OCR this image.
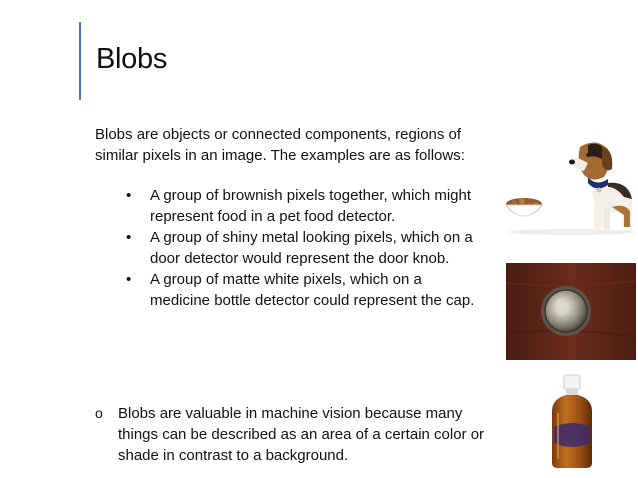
Blobs

Blobs are objects or connected components, regions of similar pixels in an image. The examples are as follows:

• A group of brownish pixels together, which might represent food in a pet food detector.
• A group of shiny metal looking pixels, which on a door detector would represent the door knob.
• A group of matte white pixels, which on a medicine bottle detector could represent the cap.
o Blobs are valuable in machine vision because many things can be described as an area of a certain color or shade in contrast to a background.
